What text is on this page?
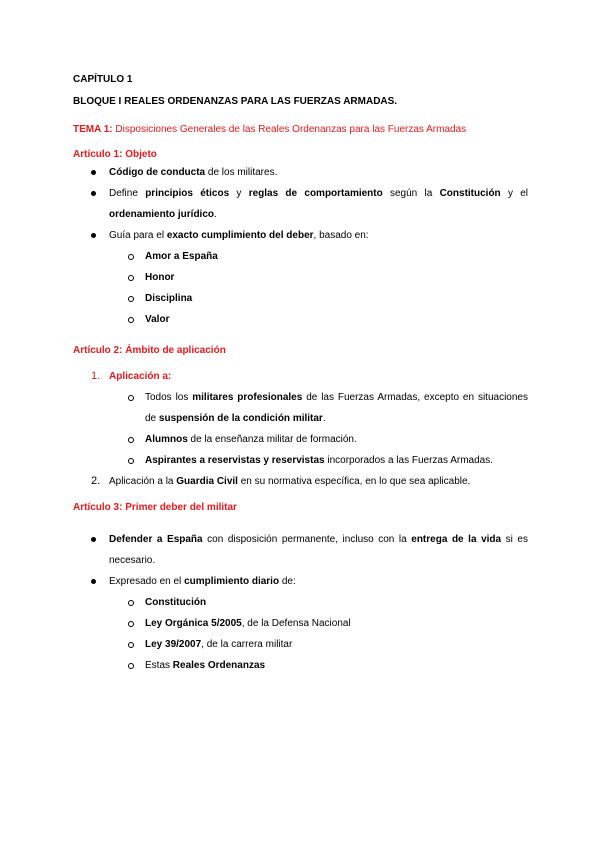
CAPÍTULO 1
BLOQUE I REALES ORDENANZAS PARA LAS FUERZAS ARMADAS.
TEMA 1: Disposiciones Generales de las Reales Ordenanzas para las Fuerzas Armadas
Artículo 1: Objeto
Código de conducta de los militares.
Define principios éticos y reglas de comportamiento según la Constitución y el ordenamiento jurídico.
Guía para el exacto cumplimiento del deber, basado en:
Amor a España
Honor
Disciplina
Valor
Artículo 2: Ámbito de aplicación
1. Aplicación a:
Todos los militares profesionales de las Fuerzas Armadas, excepto en situaciones de suspensión de la condición militar.
Alumnos de la enseñanza militar de formación.
Aspirantes a reservistas y reservistas incorporados a las Fuerzas Armadas.
2. Aplicación a la Guardia Civil en su normativa específica, en lo que sea aplicable.
Artículo 3: Primer deber del militar
Defender a España con disposición permanente, incluso con la entrega de la vida si es necesario.
Expresado en el cumplimiento diario de:
Constitución
Ley Orgánica 5/2005, de la Defensa Nacional
Ley 39/2007, de la carrera militar
Estas Reales Ordenanzas
